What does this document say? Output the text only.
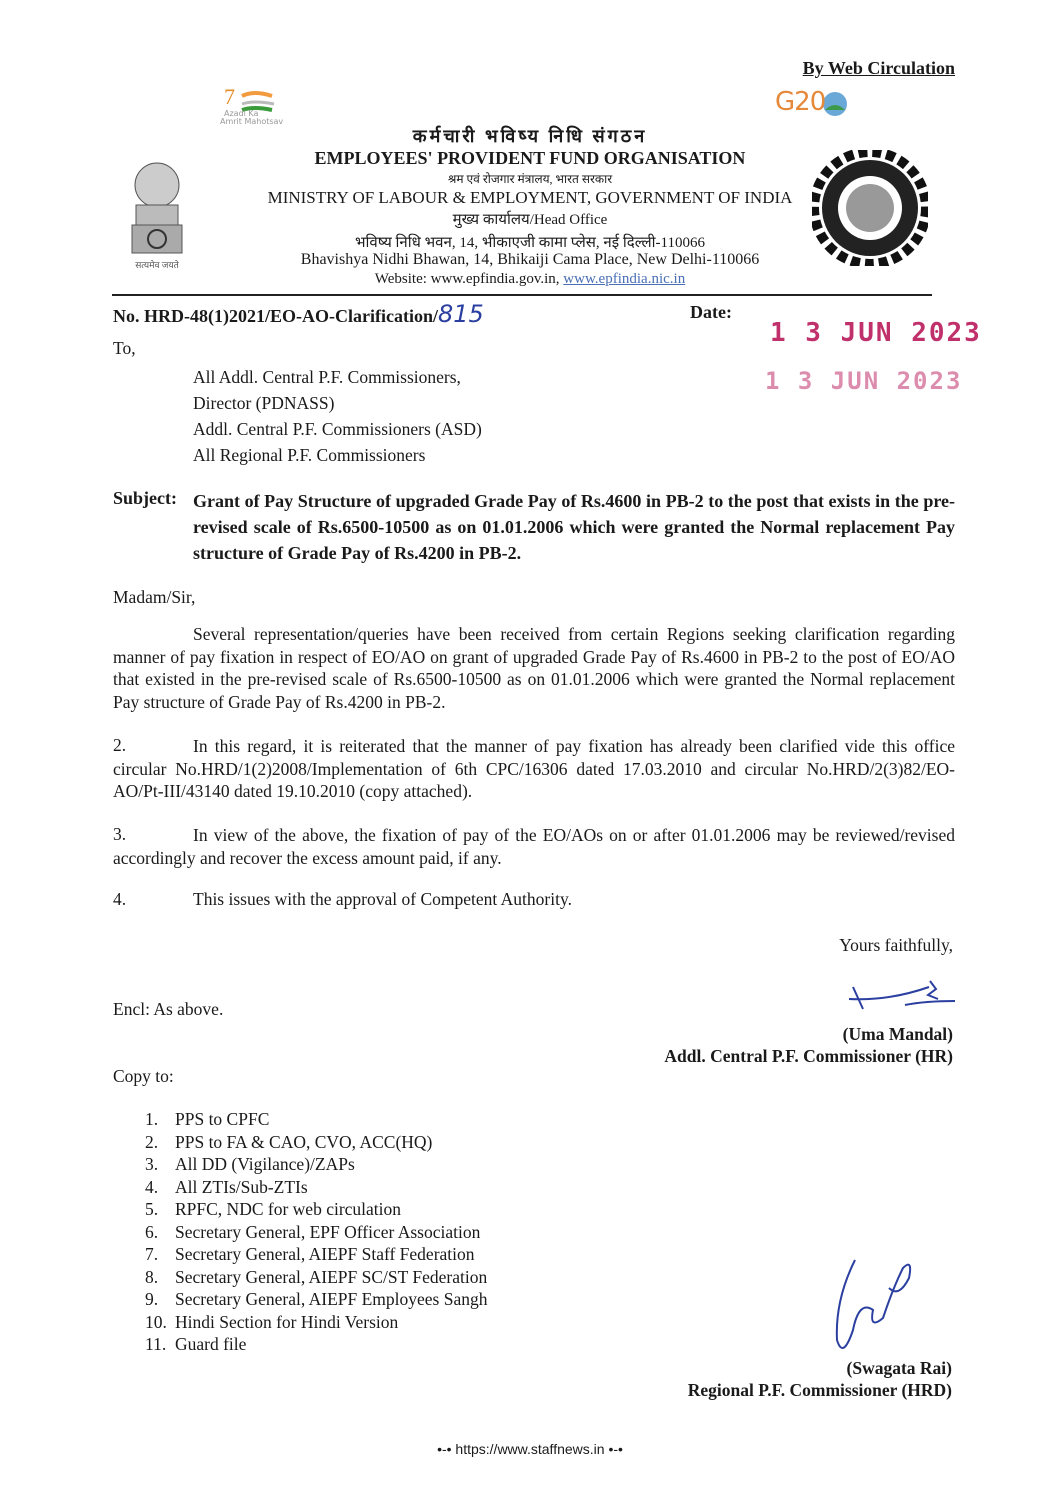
By Web Circulation
7
Azadi Ka
Amrit Mahotsav
G20
सत्यमेव जयते
कर्मचारी भविष्य निधि संगठन
EMPLOYEES' PROVIDENT FUND ORGANISATION
श्रम एवं रोजगार मंत्रालय, भारत सरकार
MINISTRY OF LABOUR & EMPLOYMENT, GOVERNMENT OF INDIA
मुख्य कार्यालय/Head Office
भविष्य निधि भवन, 14, भीकाएजी कामा प्लेस, नई दिल्ली-110066
Bhavishya Nidhi Bhawan, 14, Bhikaiji Cama Place, New Delhi-110066
Website: www.epfindia.gov.in, www.epfindia.nic.in
No. HRD-48(1)2021/EO-AO-Clarification/815	Date:
1 3 JUN 2023
1 3 JUN 2023
To,
All Addl. Central P.F. Commissioners,
Director (PDNASS)
Addl. Central P.F. Commissioners (ASD)
All Regional P.F. Commissioners
Subject: Grant of Pay Structure of upgraded Grade Pay of Rs.4600 in PB-2 to the post that exists in the pre-revised scale of Rs.6500-10500 as on 01.01.2006 which were granted the Normal replacement Pay structure of Grade Pay of Rs.4200 in PB-2.
Madam/Sir,
Several representation/queries have been received from certain Regions seeking clarification regarding manner of pay fixation in respect of EO/AO on grant of upgraded Grade Pay of Rs.4600 in PB-2 to the post of EO/AO that existed in the pre-revised scale of Rs.6500-10500 as on 01.01.2006 which were granted the Normal replacement Pay structure of Grade Pay of Rs.4200 in PB-2.
2.	In this regard, it is reiterated that the manner of pay fixation has already been clarified vide this office circular No.HRD/1(2)2008/Implementation of 6th CPC/16306 dated 17.03.2010 and circular No.HRD/2(3)82/EO-AO/Pt-III/43140 dated 19.10.2010 (copy attached).
3.	In view of the above, the fixation of pay of the EO/AOs on or after 01.01.2006 may be reviewed/revised accordingly and recover the excess amount paid, if any.
4.	This issues with the approval of Competent Authority.
Yours faithfully,
Encl: As above.
(Uma Mandal)
Addl. Central P.F. Commissioner (HR)
Copy to:
1. PPS to CPFC
2. PPS to FA & CAO, CVO, ACC(HQ)
3. All DD (Vigilance)/ZAPs
4. All ZTIs/Sub-ZTIs
5. RPFC, NDC for web circulation
6. Secretary General, EPF Officer Association
7. Secretary General, AIEPF Staff Federation
8. Secretary General, AIEPF SC/ST Federation
9. Secretary General, AIEPF Employees Sangh
10. Hindi Section for Hindi Version
11. Guard file
(Swagata Rai)
Regional P.F. Commissioner (HRD)
•-• https://www.staffnews.in •-•
